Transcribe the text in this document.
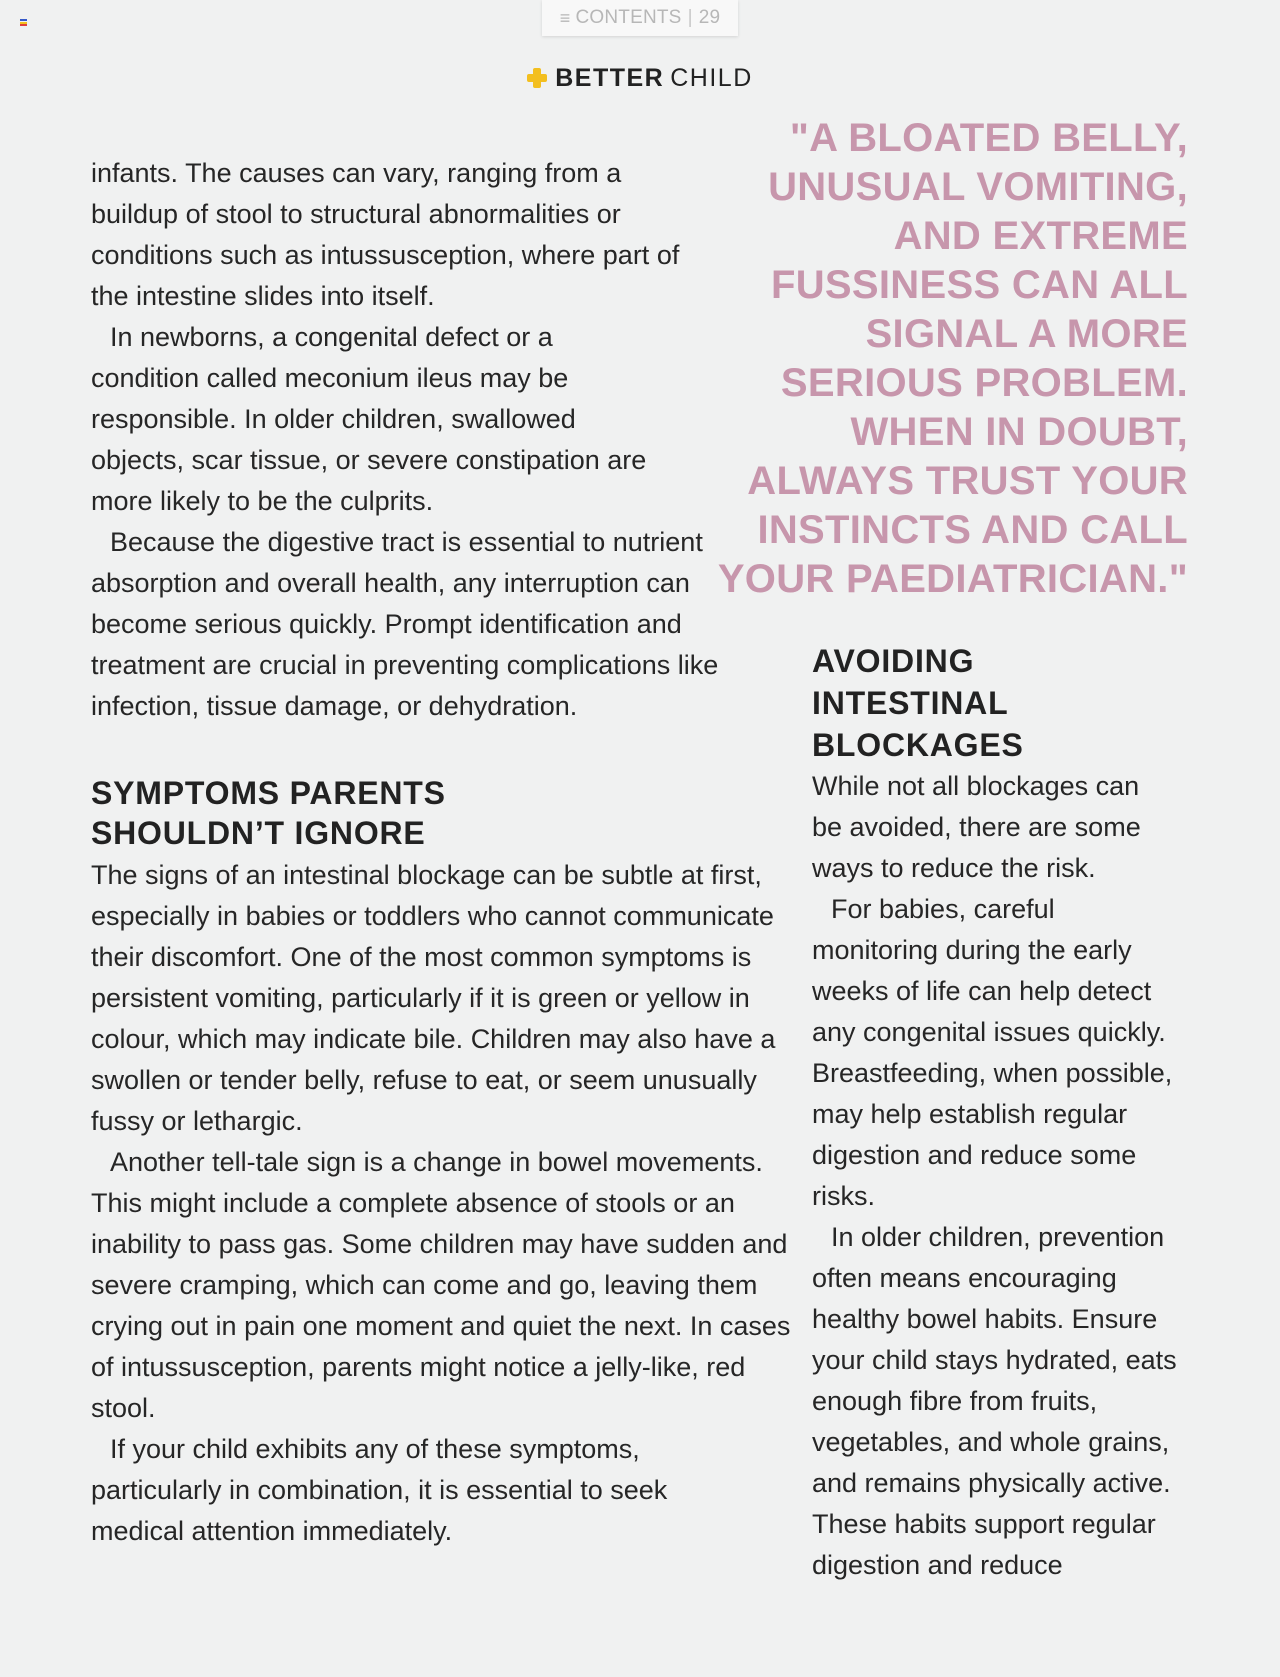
≡ CONTENTS | 29
BETTER CHILD
"A BLOATED BELLY, UNUSUAL VOMITING, AND EXTREME FUSSINESS CAN ALL SIGNAL A MORE SERIOUS PROBLEM. WHEN IN DOUBT, ALWAYS TRUST YOUR INSTINCTS AND CALL YOUR PAEDIATRICIAN."

infants. The causes can vary, ranging from a buildup of stool to structural abnormalities or conditions such as intussusception, where part of the intestine slides into itself.

In newborns, a congenital defect or a condition called meconium ileus may be responsible. In older children, swallowed objects, scar tissue, or severe constipation are more likely to be the culprits.

Because the digestive tract is essential to nutrient absorption and overall health, any interruption can become serious quickly. Prompt identification and treatment are crucial in preventing complications like infection, tissue damage, or dehydration.

SYMPTOMS PARENTS SHOULDN’T IGNORE

The signs of an intestinal blockage can be subtle at first, especially in babies or toddlers who cannot communicate their discomfort. One of the most common symptoms is persistent vomiting, particularly if it is green or yellow in colour, which may indicate bile. Children may also have a swollen or tender belly, refuse to eat, or seem unusually fussy or lethargic.

Another tell-tale sign is a change in bowel movements. This might include a complete absence of stools or an inability to pass gas. Some children may have sudden and severe cramping, which can come and go, leaving them crying out in pain one moment and quiet the next. In cases of intussusception, parents might notice a jelly-like, red stool.

If your child exhibits any of these symptoms, particularly in combination, it is essential to seek medical attention immediately.

AVOIDING INTESTINAL BLOCKAGES

While not all blockages can be avoided, there are some ways to reduce the risk.

For babies, careful monitoring during the early weeks of life can help detect any congenital issues quickly. Breastfeeding, when possible, may help establish regular digestion and reduce some risks.

In older children, prevention often means encouraging healthy bowel habits. Ensure your child stays hydrated, eats enough fibre from fruits, vegetables, and whole grains, and remains physically active. These habits support regular digestion and reduce
